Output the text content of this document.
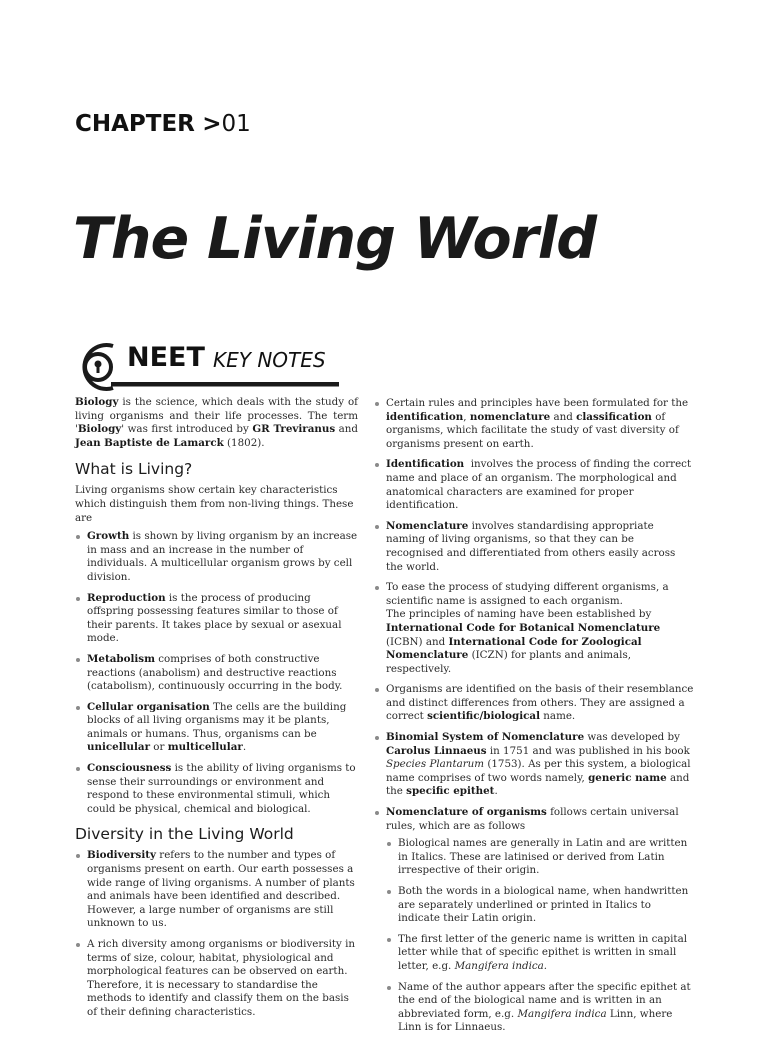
CHAPTER >01
The Living World
NEET KEY NOTES

Biology is the science, which deals with the study of living organisms and their life processes. The term 'Biology' was first introduced by GR Treviranus and Jean Baptiste de Lamarck (1802).

What is Living?

Living organisms show certain key characteristics which distinguish them from non-living things. These are

Growth is shown by living organism by an increase in mass and an increase in the number of individuals. A multicellular organism grows by cell division.
Reproduction is the process of producing offspring possessing features similar to those of their parents. It takes place by sexual or asexual mode.
Metabolism comprises of both constructive reactions (anabolism) and destructive reactions (catabolism), continuously occurring in the body.
Cellular organisation The cells are the building blocks of all living organisms may it be plants, animals or humans. Thus, organisms can be unicellular or multicellular.
Consciousness is the ability of living organisms to sense their surroundings or environment and respond to these environmental stimuli, which could be physical, chemical and biological.
Diversity in the Living World
Biodiversity refers to the number and types of organisms present on earth. Our earth possesses a wide range of living organisms. A number of plants and animals have been identified and described. However, a large number of organisms are still unknown to us.
A rich diversity among organisms or biodiversity in terms of size, colour, habitat, physiological and morphological features can be observed on earth. Therefore, it is necessary to standardise the methods to identify and classify them on the basis of their defining characteristics.
Certain rules and principles have been formulated for the identification, nomenclature and classification of organisms, which facilitate the study of vast diversity of organisms present on earth.
Identification  involves the process of finding the correct name and place of an organism. The morphological and anatomical characters are examined for proper identification.
Nomenclature involves standardising appropriate naming of living organisms, so that they can be recognised and differentiated from others easily across the world.
To ease the process of studying different organisms, a scientific name is assigned to each organism.
The principles of naming have been established by International Code for Botanical Nomenclature (ICBN) and International Code for Zoological Nomenclature (ICZN) for plants and animals, respectively.
Organisms are identified on the basis of their resemblance and distinct differences from others. They are assigned a correct scientific/biological name.
Binomial System of Nomenclature was developed by Carolus Linnaeus in 1751 and was published in his book Species Plantarum (1753). As per this system, a biological name comprises of two words namely, generic name and the specific epithet.
Nomenclature of organisms follows certain universal rules, which are as follows
Biological names are generally in Latin and are written in Italics. These are latinised or derived from Latin irrespective of their origin.
Both the words in a biological name, when handwritten are separately underlined or printed in Italics to indicate their Latin origin.
The first letter of the generic name is written in capital letter while that of specific epithet is written in small letter, e.g. Mangifera indica.
Name of the author appears after the specific epithet at the end of the biological name and is written in an abbreviated form, e.g. Mangifera indica Linn, where Linn is for Linnaeus.
